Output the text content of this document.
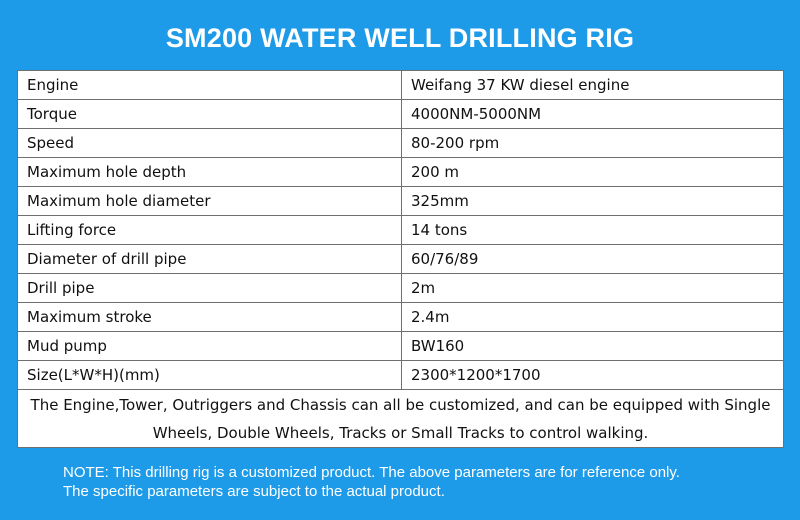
SM200 WATER WELL DRILLING RIG
Engine	Weifang 37 KW diesel engine
Torque	4000NM-5000NM
Speed	80-200 rpm
Maximum hole depth	200 m
Maximum hole diameter	325mm
Lifting force	14 tons
Diameter of drill pipe	60/76/89
Drill pipe	2m
Maximum stroke	2.4m
Mud pump	BW160
Size(L*W*H)(mm)	2300*1200*1700
The Engine,Tower, Outriggers and Chassis can all be customized, and can be equipped with Single Wheels, Double Wheels, Tracks or Small Tracks to control walking.	
NOTE: This drilling rig is a customized product. The above parameters are for reference only.
The specific parameters are subject to the actual product.
